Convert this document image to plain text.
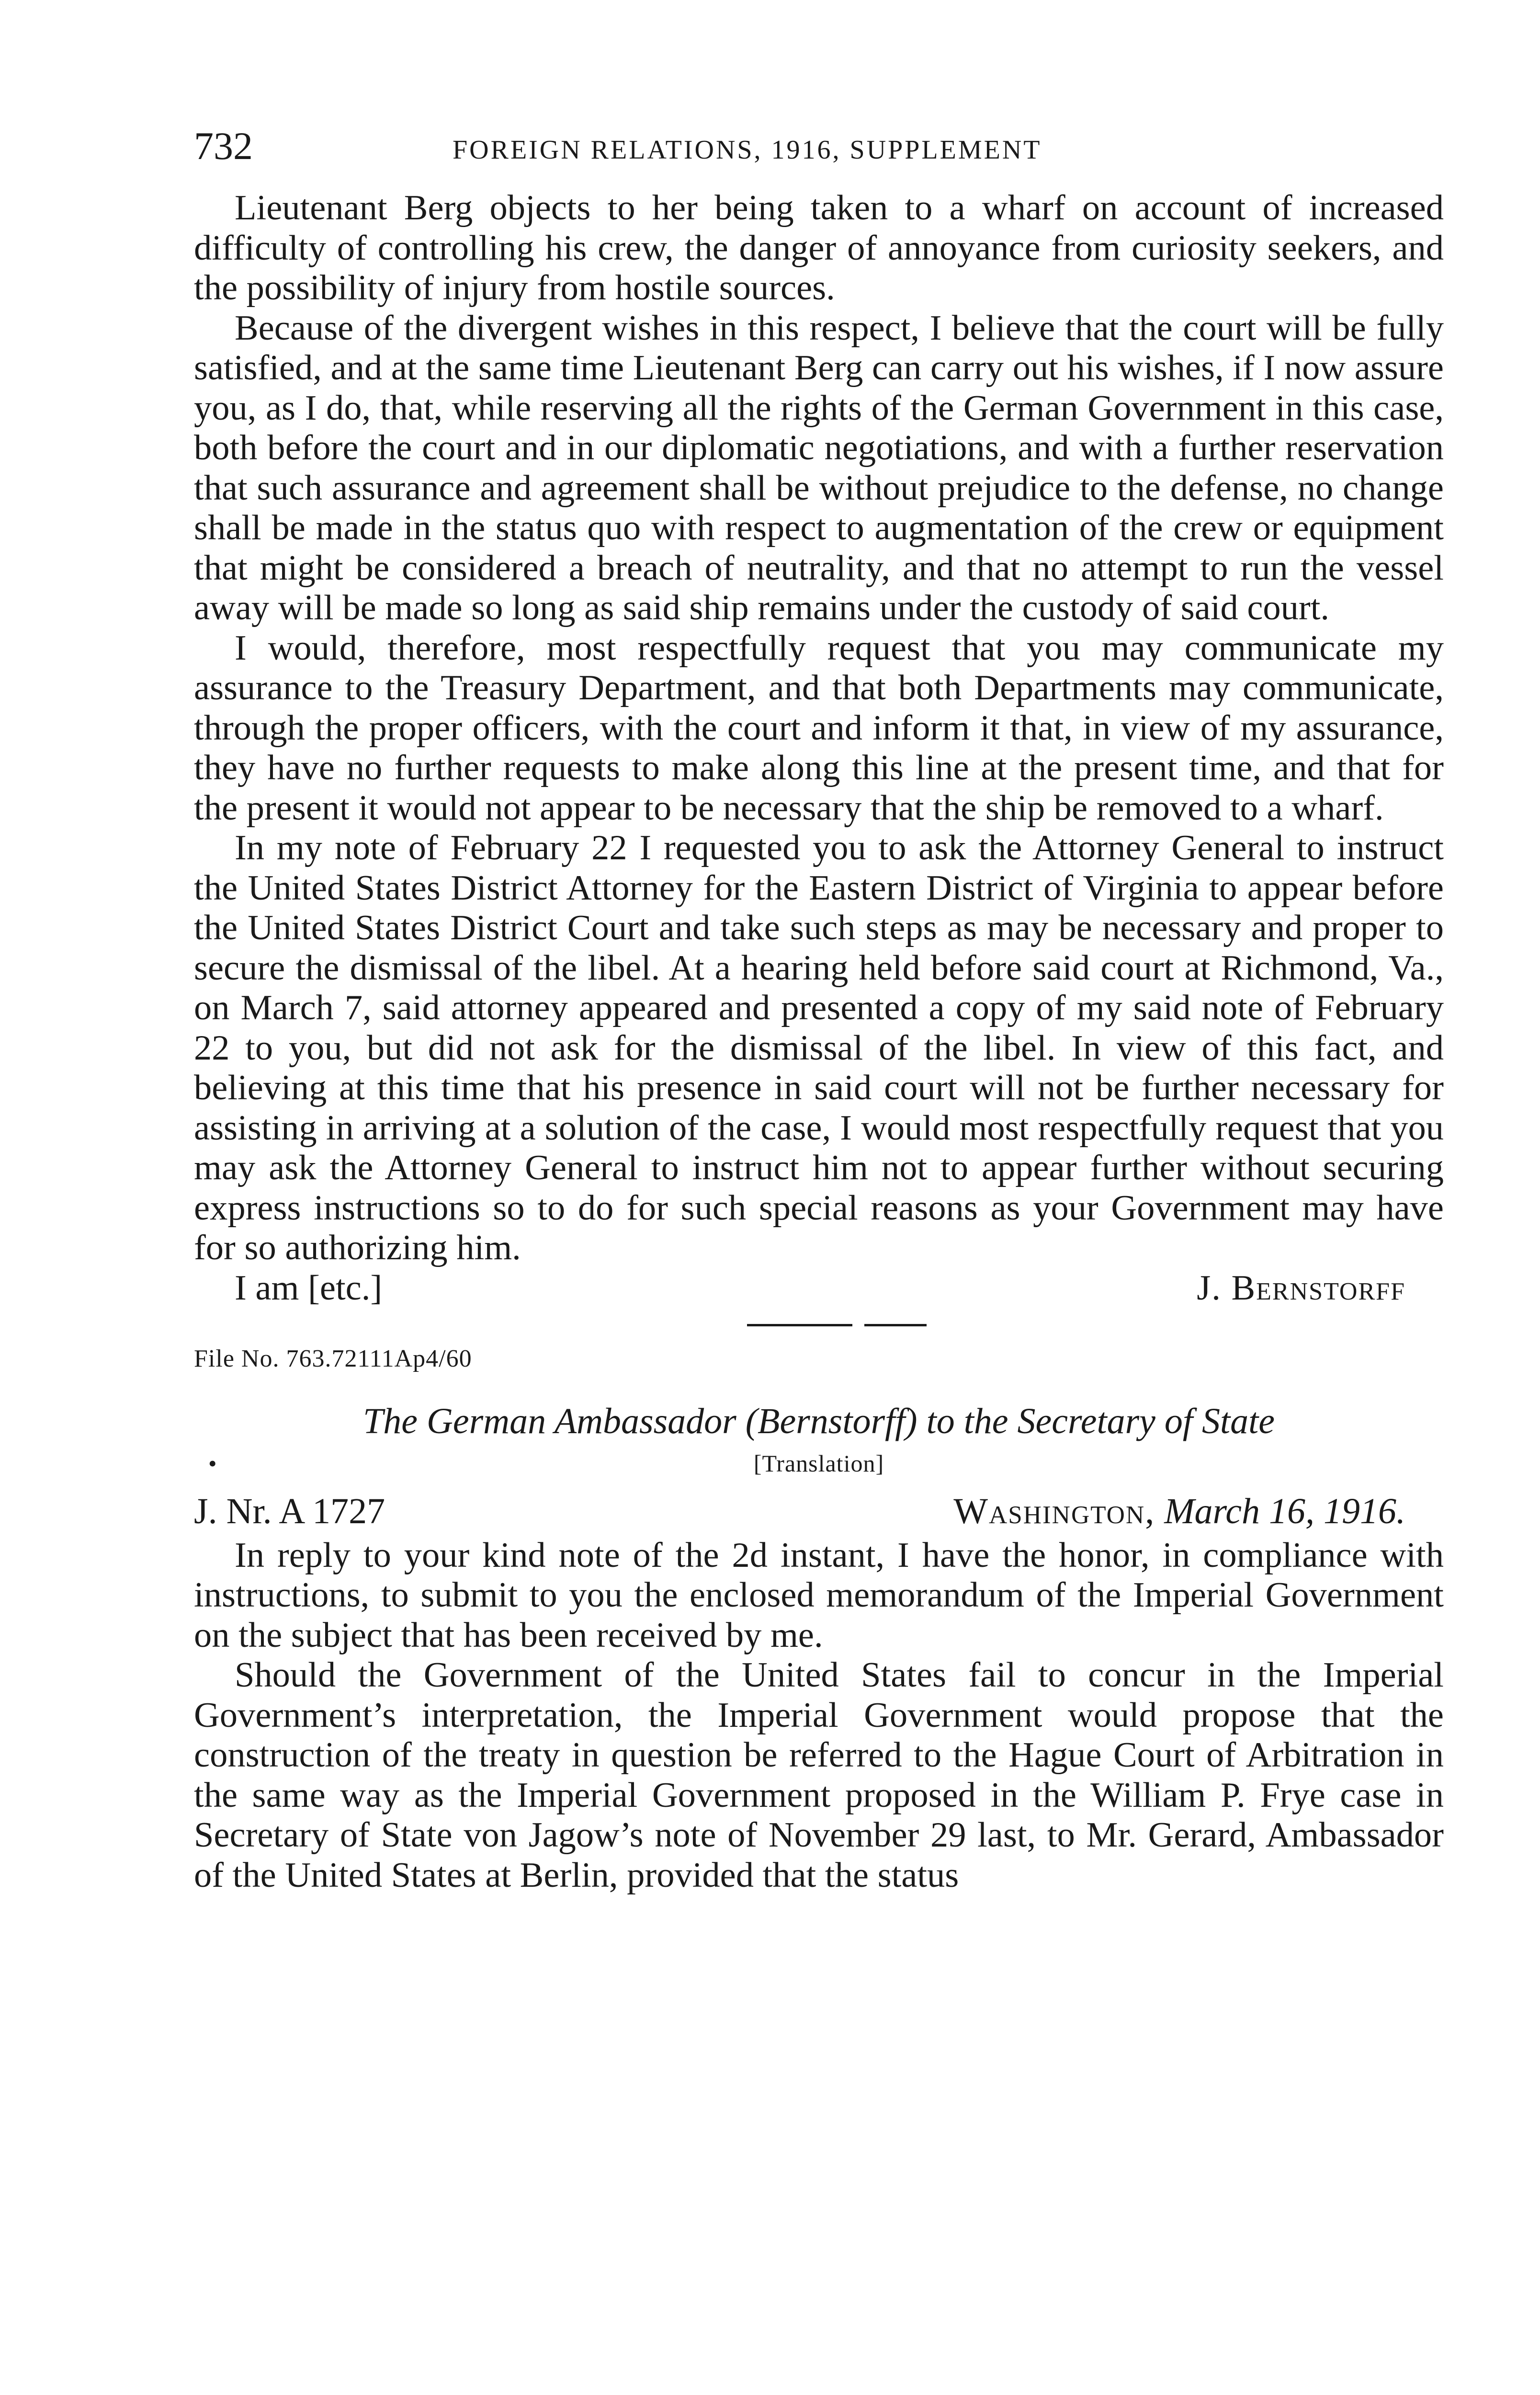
732	FOREIGN RELATIONS, 1916, SUPPLEMENT

Lieutenant Berg objects to her being taken to a wharf on account of increased difficulty of controlling his crew, the danger of annoyance from curiosity seekers, and the possibility of injury from hostile sources.

Because of the divergent wishes in this respect, I believe that the court will be fully satisfied, and at the same time Lieutenant Berg can carry out his wishes, if I now assure you, as I do, that, while reserving all the rights of the German Government in this case, both before the court and in our diplomatic negotiations, and with a further reservation that such assurance and agreement shall be without prejudice to the defense, no change shall be made in the status quo with respect to augmentation of the crew or equipment that might be considered a breach of neutrality, and that no attempt to run the vessel away will be made so long as said ship remains under the custody of said court.

I would, therefore, most respectfully request that you may communicate my assurance to the Treasury Department, and that both Departments may communicate, through the proper officers, with the court and inform it that, in view of my assurance, they have no further requests to make along this line at the present time, and that for the present it would not appear to be necessary that the ship be removed to a wharf.

In my note of February 22 I requested you to ask the Attorney General to instruct the United States District Attorney for the Eastern District of Virginia to appear before the United States District Court and take such steps as may be necessary and proper to secure the dismissal of the libel. At a hearing held before said court at Richmond, Va., on March 7, said attorney appeared and presented a copy of my said note of February 22 to you, but did not ask for the dismissal of the libel. In view of this fact, and believing at this time that his presence in said court will not be further necessary for assisting in arriving at a solution of the case, I would most respectfully request that you may ask the Attorney General to instruct him not to appear further without securing express instructions so to do for such special reasons as your Government may have for so authorizing him.

I am [etc.]	J. Bernstorff

File No. 763.72111Ap4/60

The German Ambassador (Bernstorff) to the Secretary of State

•	[Translation]
J. Nr. A 1727	Washington, March 16, 1916.

In reply to your kind note of the 2d instant, I have the honor, in compliance with instructions, to submit to you the enclosed memorandum of the Imperial Government on the subject that has been received by me.

Should the Government of the United States fail to concur in the Imperial Government’s interpretation, the Imperial Government would propose that the construction of the treaty in question be referred to the Hague Court of Arbitration in the same way as the Imperial Government proposed in the William P. Frye case in Secretary of State von Jagow’s note of November 29 last, to Mr. Gerard, Ambassador of the United States at Berlin, provided that the status
